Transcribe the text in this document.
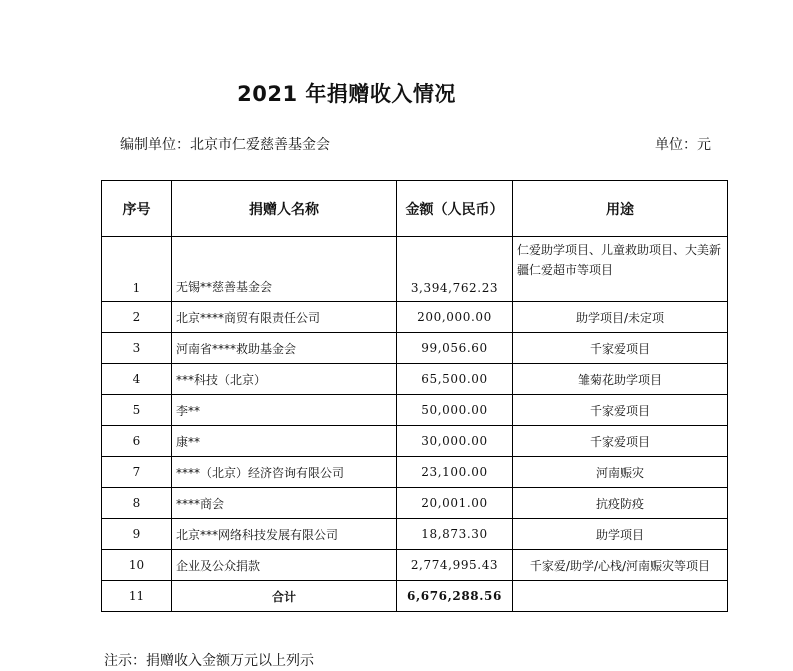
2021 年捐赠收入情况
编制单位：北京市仁爱慈善基金会	单位：元
序号	捐赠人名称	金额（人民币）	用途
1	无锡**慈善基金会	3,394,762.23	仁爱助学项目、儿童救助项目、大美新疆仁爱超市等项目
2	北京****商贸有限责任公司	200,000.00	助学项目/未定项
3	河南省****救助基金会	99,056.60	千家爱项目
4	***科技（北京）	65,500.00	雏菊花助学项目
5	李**	50,000.00	千家爱项目
6	康**	30,000.00	千家爱项目
7	****（北京）经济咨询有限公司	23,100.00	河南赈灾
8	****商会	20,001.00	抗疫防疫
9	北京***网络科技发展有限公司	18,873.30	助学项目
10	企业及公众捐款	2,774,995.43	千家爱/助学/心栈/河南赈灾等项目
11	合计	6,676,288.56	
注示：捐赠收入金额万元以上列示
